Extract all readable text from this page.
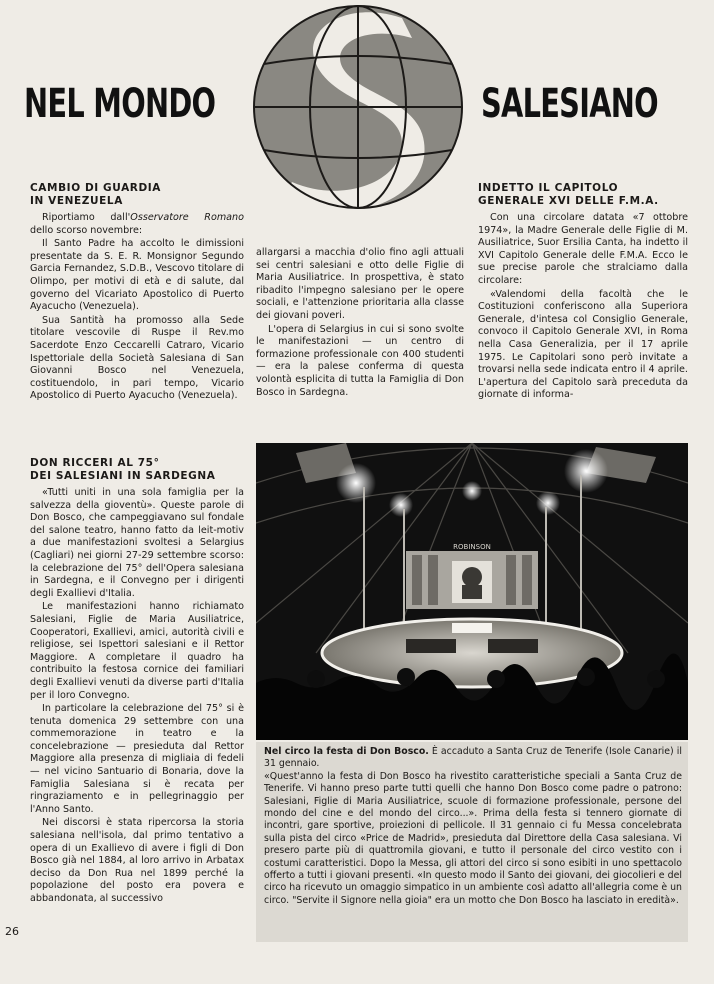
NEL MONDO	SALESIANO
CAMBIO DI GUARDIA
IN VENEZUELA

Riportiamo dall'Osservatore Romano dello scorso novembre:

Il Santo Padre ha accolto le dimissioni presentate da S. E. R. Monsignor Segundo Garcia Fernandez, S.D.B., Vescovo titolare di Olimpo, per motivi di età e di salute, dal governo del Vicariato Apostolico di Puerto Ayacucho (Venezuela).

Sua Santità ha promosso alla Sede titolare vescovile di Ruspe il Rev.mo Sacerdote Enzo Ceccarelli Catraro, Vicario Ispettoriale della Società Salesiana di San Giovanni Bosco nel Venezuela, costituendolo, in pari tempo, Vicario Apostolico di Puerto Ayacucho (Venezuela).

allargarsi a macchia d'olio fino agli attuali sei centri salesiani e otto delle Figlie di Maria Ausiliatrice. In prospettiva, è stato ribadito l'impegno salesiano per le opere sociali, e l'attenzione prioritaria alla classe dei giovani poveri.

L'opera di Selargius in cui si sono svolte le manifestazioni — un centro di formazione professionale con 400 studenti — era la palese conferma di questa volontà esplicita di tutta la Famiglia di Don Bosco in Sardegna.

INDETTO IL CAPITOLO
GENERALE XVI DELLE F.M.A.

Con una circolare datata «7 ottobre 1974», la Madre Generale delle Figlie di M. Ausiliatrice, Suor Ersilia Canta, ha indetto il XVI Capitolo Generale delle F.M.A. Ecco le sue precise parole che stralciamo dalla circolare:

«Valendomi della facoltà che le Costituzioni conferiscono alla Superiora Generale, d'intesa col Consiglio Generale, convoco il Capitolo Generale XVI, in Roma nella Casa Generalizia, per il 17 aprile 1975. Le Capitolari sono però invitate a trovarsi nella sede indicata entro il 4 aprile. L'apertura del Capitolo sarà preceduta da giornate di informa-

DON RICCERI AL 75°
DEI SALESIANI IN SARDEGNA

«Tutti uniti in una sola famiglia per la salvezza della gioventù». Queste parole di Don Bosco, che campeggiavano sul fondale del salone teatro, hanno fatto da leit-motiv a due manifestazioni svoltesi a Selargius (Cagliari) nei giorni 27-29 settembre scorso: la celebrazione del 75° dell'Opera salesiana in Sardegna, e il Convegno per i dirigenti degli Exallievi d'Italia.

Le manifestazioni hanno richiamato Salesiani, Figlie de Maria Ausiliatrice, Cooperatori, Exallievi, amici, autorità civili e religiose, sei Ispettori salesiani e il Rettor Maggiore. A completare il quadro ha contribuito la festosa cornice dei familiari degli Exallievi venuti da diverse parti d'Italia per il loro Convegno.

In particolare la celebrazione del 75° si è tenuta domenica 29 settembre con una commemorazione in teatro e la concelebrazione — presieduta dal Rettor Maggiore alla presenza di migliaia di fedeli — nel vicino Santuario di Bonaria, dove la Famiglia Salesiana si è recata per ringraziamento e in pellegrinaggio per l'Anno Santo.

Nei discorsi è stata ripercorsa la storia salesiana nell'isola, dal primo tentativo a opera di un Exallievo di avere i figli di Don Bosco già nel 1884, al loro arrivo in Arbatax deciso da Don Rua nel 1899 perché la popolazione del posto era povera e abbandonata, al successivo

ROBINSON

Nel circo la festa di Don Bosco. È accaduto a Santa Cruz de Tenerife (Isole Canarie) il 31 gennaio.

«Quest'anno la festa di Don Bosco ha rivestito caratteristiche speciali a Santa Cruz de Tenerife. Vi hanno preso parte tutti quelli che hanno Don Bosco come padre o patrono: Salesiani, Figlie di Maria Ausiliatrice, scuole di formazione professionale, persone del mondo del cine e del mondo del circo...». Prima della festa si tennero giornate di incontri, gare sportive, proiezioni di pellicole. Il 31 gennaio ci fu Messa concelebrata sulla pista del circo «Price de Madrid», presieduta dal Direttore della Casa salesiana. Vi presero parte più di quattromila giovani, e tutto il personale del circo vestito con i costumi caratteristici. Dopo la Messa, gli attori del circo si sono esibiti in uno spettacolo offerto a tutti i giovani presenti. «In questo modo il Santo dei giovani, dei giocolieri e del circo ha ricevuto un omaggio simpatico in un ambiente così adatto all'allegria come è un circo. "Servite il Signore nella gioia" era un motto che Don Bosco ha lasciato in eredità».

26
